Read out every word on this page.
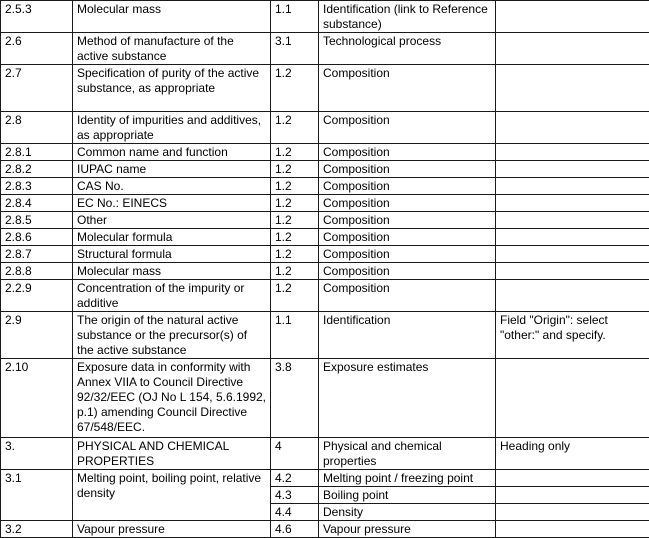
2.5.3	Molecular mass	1.1	Identification (link to Reference substance)	
2.6	Method of manufacture of the active substance	3.1	Technological process	
2.7	Specification of purity of the active substance, as appropriate	1.2	Composition	
2.8	Identity of impurities and additives, as appropriate	1.2	Composition	
2.8.1	Common name and function	1.2	Composition	
2.8.2	IUPAC name	1.2	Composition	
2.8.3	CAS No.	1.2	Composition	
2.8.4	EC No.: EINECS	1.2	Composition	
2.8.5	Other	1.2	Composition	
2.8.6	Molecular formula	1.2	Composition	
2.8.7	Structural formula	1.2	Composition	
2.8.8	Molecular mass	1.2	Composition	
2.2.9	Concentration of the impurity or additive	1.2	Composition	
2.9	The origin of the natural active substance or the precursor(s) of the active substance	1.1	Identification	Field "Origin": select "other:" and specify.
2.10	Exposure data in conformity with Annex VIIA to Council Directive 92/32/EEC (OJ No L 154, 5.6.1992, p.1) amending Council Directive 67/548/EEC.	3.8	Exposure estimates	
3.	PHYSICAL AND CHEMICAL PROPERTIES	4	Physical and chemical properties	Heading only
3.1	Melting point, boiling point, relative density	4.2	Melting point / freezing point	
		4.3	Boiling point	
		4.4	Density	
3.2	Vapour pressure	4.6	Vapour pressure	
